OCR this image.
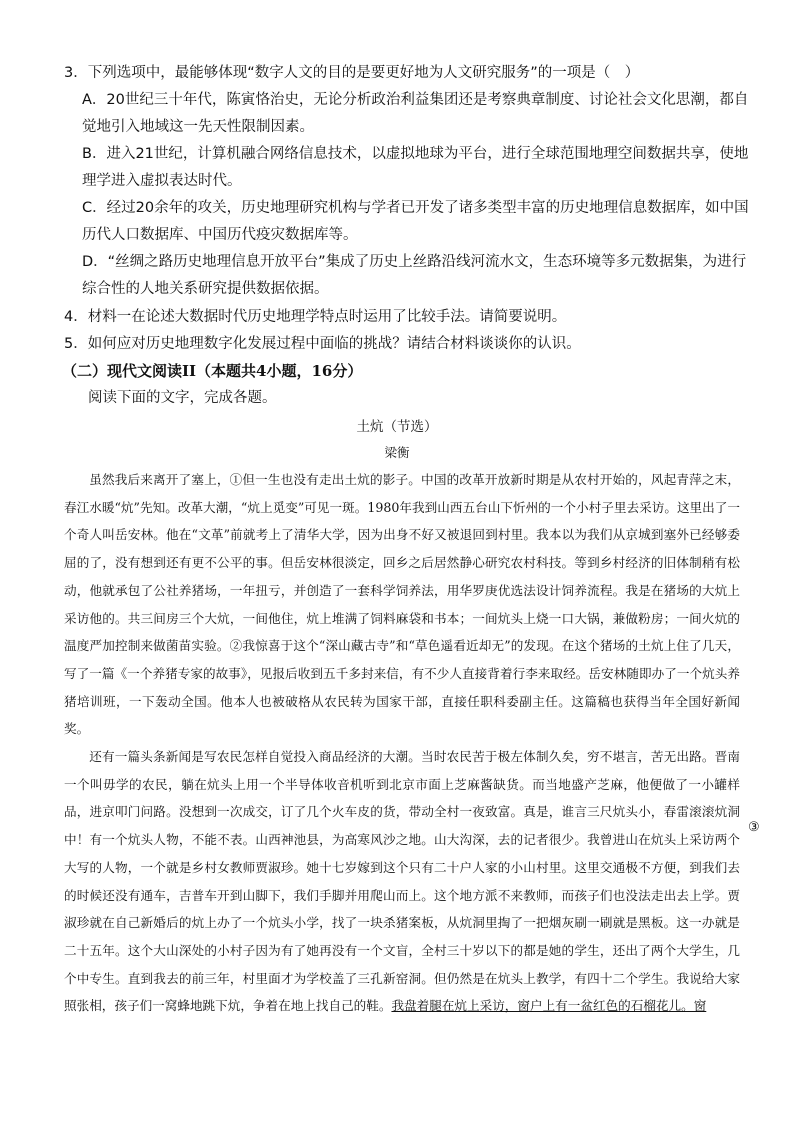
3．下列选项中，最能够体现“数字人文的目的是要更好地为人文研究服务”的一项是（　）
A．20世纪三十年代，陈寅恪治史，无论分析政治利益集团还是考察典章制度、讨论社会文化思潮，都自觉地引入地域这一先天性限制因素。
B．进入21世纪，计算机融合网络信息技术，以虚拟地球为平台，进行全球范围地理空间数据共享，使地理学进入虚拟表达时代。
C．经过20余年的攻关，历史地理研究机构与学者已开发了诸多类型丰富的历史地理信息数据库，如中国历代人口数据库、中国历代疫灾数据库等。
D．“丝绸之路历史地理信息开放平台”集成了历史上丝路沿线河流水文，生态环境等多元数据集，为进行综合性的人地关系研究提供数据依据。
4．材料一在论述大数据时代历史地理学特点时运用了比较手法。请简要说明。
5．如何应对历史地理数字化发展过程中面临的挑战？请结合材料谈谈你的认识。
（二）现代文阅读II（本题共4小题，16分）
阅读下面的文字，完成各题。
土炕（节选）
梁衡

虽然我后来离开了塞上，①但一生也没有走出土炕的影子。中国的改革开放新时期是从农村开始的，风起青萍之末，春江水暖“炕”先知。改革大潮，“炕上觅变”可见一斑。1980年我到山西五台山下忻州的一个小村子里去采访。这里出了一个奇人叫岳安林。他在“文革”前就考上了清华大学，因为出身不好又被退回到村里。我本以为我们从京城到塞外已经够委屈的了，没有想到还有更不公平的事。但岳安林很淡定，回乡之后居然静心研究农村科技。等到乡村经济的旧体制稍有松动，他就承包了公社养猪场，一年扭亏，并创造了一套科学饲养法，用华罗庚优选法设计饲养流程。我是在猪场的大炕上采访他的。共三间房三个大炕，一间他住，炕上堆满了饲料麻袋和书本；一间炕头上烧一口大锅，兼做粉房；一间火炕的温度严加控制来做菌苗实验。②我惊喜于这个“深山藏古寺”和“草色遥看近却无”的发现。在这个猪场的土炕上住了几天，写了一篇《一个养猪专家的故事》，见报后收到五千多封来信，有不少人直接背着行李来取经。岳安林随即办了一个炕头养猪培训班，一下轰动全国。他本人也被破格从农民转为国家干部，直接任职科委副主任。这篇稿也获得当年全国好新闻奖。

还有一篇头条新闻是写农民怎样自觉投入商品经济的大潮。当时农民苦于极左体制久矣，穷不堪言，苦无出路。晋南一个叫毋学的农民，躺在炕头上用一个半导体收音机听到北京市面上芝麻酱缺货。而当地盛产芝麻，他便做了一小罐样品，进京叩门问路。没想到一次成交，订了几个火车皮的货，带动全村一夜致富。真是，谁言三尺炕头小，春雷滚滚炕洞中！有一个炕头人物，不能不表。山西神池县，为高寒风沙之地。山大沟深，去的记者很少。我曾进山在炕头上采访两个大写的人物，一个就是乡村女教师贾淑珍。她十七岁嫁到这个只有二十户人家的小山村里。这里交通极不方便，到我们去的时候还没有通车，吉普车开到山脚下，我们手脚并用爬山而上。这个地方派不来教师，而孩子们也没法走出去上学。贾淑珍就在自己新婚后的炕上办了一个炕头小学，找了一块杀猪案板，从炕洞里掏了一把烟灰刷一刷就是黑板。这一办就是二十五年。这个大山深处的小村子因为有了她再没有一个文盲，全村三十岁以下的都是她的学生，还出了两个大学生，几个中专生。直到我去的前三年，村里面才为学校盖了三孔新窑洞。但仍然是在炕头上教学，有四十二个学生。我说给大家照张相，孩子们一窝蜂地跳下炕，争着在地上找自己的鞋。我盘着腿在炕上采访，窗户上有一盆红色的石榴花儿。窗

③
